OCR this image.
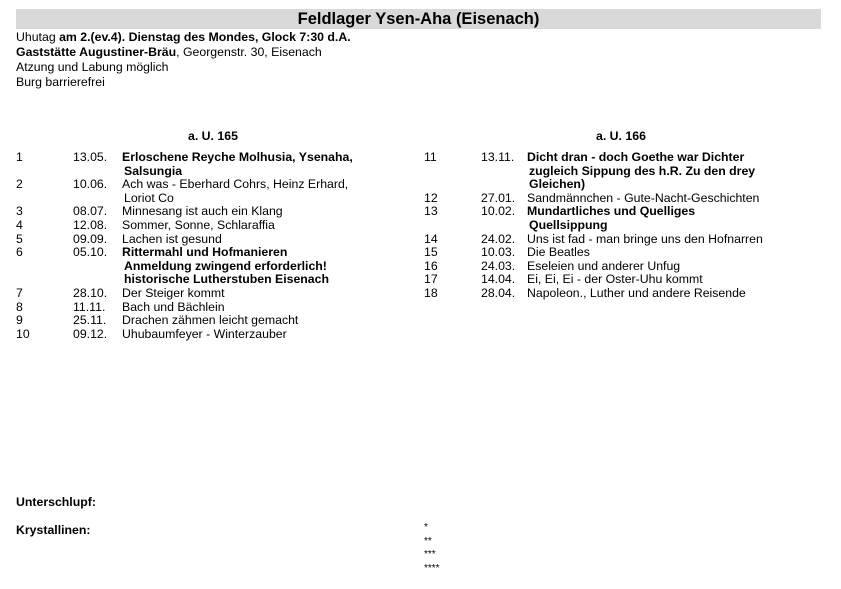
Feldlager Ysen-Aha (Eisenach)
Uhutag am 2.(ev.4). Dienstag des Mondes, Glock 7:30 d.A.
Gaststätte Augustiner-Bräu, Georgenstr. 30, Eisenach
Atzung und Labung möglich
Burg barrierefrei
a. U. 165	a. U. 166
1	13.05. Erloschene Reyche Molhusia, Ysenaha,
Salsungia
2	10.06. Ach was - Eberhard Cohrs, Heinz Erhard,
Loriot Co
3	08.07. Minnesang ist auch ein Klang
4	12.08. Sommer, Sonne, Schlaraffia
5	09.09. Lachen ist gesund
6	05.10. Rittermahl und Hofmanieren
Anmeldung zwingend erforderlich!
historische Lutherstuben Eisenach
7	28.10. Der Steiger kommt
8	11.11. Bach und Bächlein
9	25.11. Drachen zähmen leicht gemacht
10	09.12. Uhubaumfeyer - Winterzauber
11	13.11. Dicht dran - doch Goethe war Dichter
zugleich Sippung des h.R. Zu den drey
Gleichen)
12	27.01. Sandmännchen - Gute-Nacht-Geschichten
13	10.02. Mundartliches und Quelliges
Quellsippung
14	24.02. Uns ist fad - man bringe uns den Hofnarren
15	10.03. Die Beatles
16	24.03. Eseleien und anderer Unfug
17	14.04. Ei, Ei, Ei - der Oster-Uhu kommt
18	28.04. Napoleon., Luther und andere Reisende
Unterschlupf:
Krystallinen:	*
**
***
****
